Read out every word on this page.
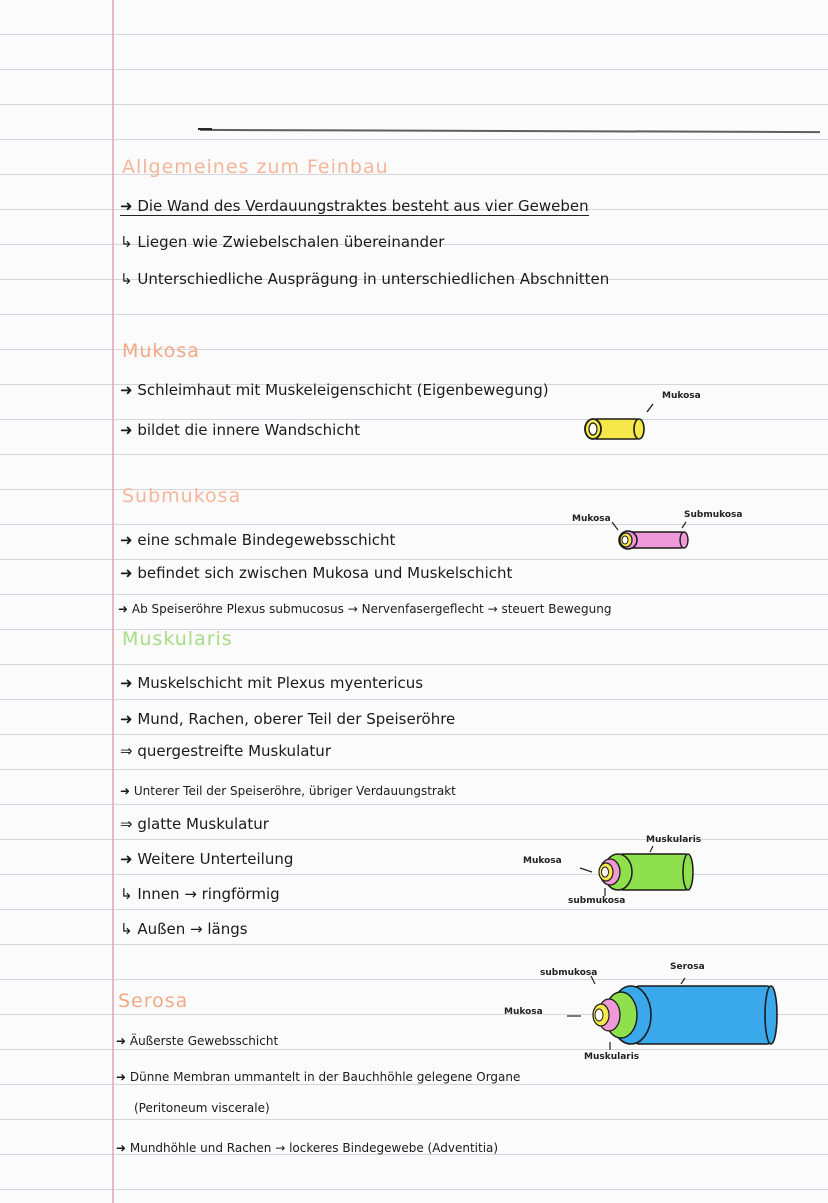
Allgemeines zum Feinbau
➜ Die Wand des Verdauungstraktes besteht aus vier Geweben
↳ Liegen wie Zwiebelschalen übereinander
↳ Unterschiedliche Ausprägung in unterschiedlichen Abschnitten
Mukosa
➜ Schleimhaut mit Muskeleigenschicht (Eigenbewegung)
➜ bildet die innere Wandschicht
Mukosa
Submukosa
➜ eine schmale Bindegewebsschicht
➜ befindet sich zwischen Mukosa und Muskelschicht
➜ Ab Speiseröhre Plexus submucosus → Nervenfasergeflecht → steuert Bewegung
Mukosa	Submukosa
Muskularis
➜ Muskelschicht mit Plexus myentericus
➜ Mund, Rachen, oberer Teil der Speiseröhre
⇒ quergestreifte Muskulatur
➜ Unterer Teil der Speiseröhre, übriger Verdauungstrakt
⇒ glatte Muskulatur
➜ Weitere Unterteilung
↳ Innen → ringförmig
↳ Außen → längs
Mukosa
submukosa
Muskularis
Serosa
➜ Äußerste Gewebsschicht
➜ Dünne Membran ummantelt in der Bauchhöhle gelegene Organe
(Peritoneum viscerale)
➜ Mundhöhle und Rachen → lockeres Bindegewebe (Adventitia)
submukosa
Serosa
Mukosa
Muskularis
